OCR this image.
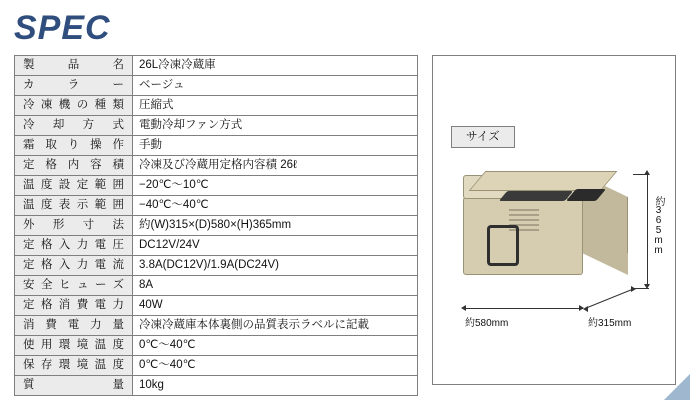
SPEC
製品名	26L冷凍冷蔵庫
カラー	ベージュ
冷凍機の種類	圧縮式
冷却方式	電動冷却ファン方式
霜取り操作	手動
定格内容積	冷凍及び冷蔵用定格内容積 26ℓ
温度設定範囲	−20℃〜10℃
温度表示範囲	−40℃〜40℃
外形寸法	約(W)315×(D)580×(H)365mm
定格入力電圧	DC12V/24V
定格入力電流	3.8A(DC12V)/1.9A(DC24V)
安全ヒューズ	8A
定格消費電力	40W
消費電力量	冷凍冷蔵庫本体裏側の品質表示ラベルに記載
使用環境温度	0℃〜40℃
保存環境温度	0℃〜40℃
質量	10kg
サイズ
約365mm
約580mm	約315mm
